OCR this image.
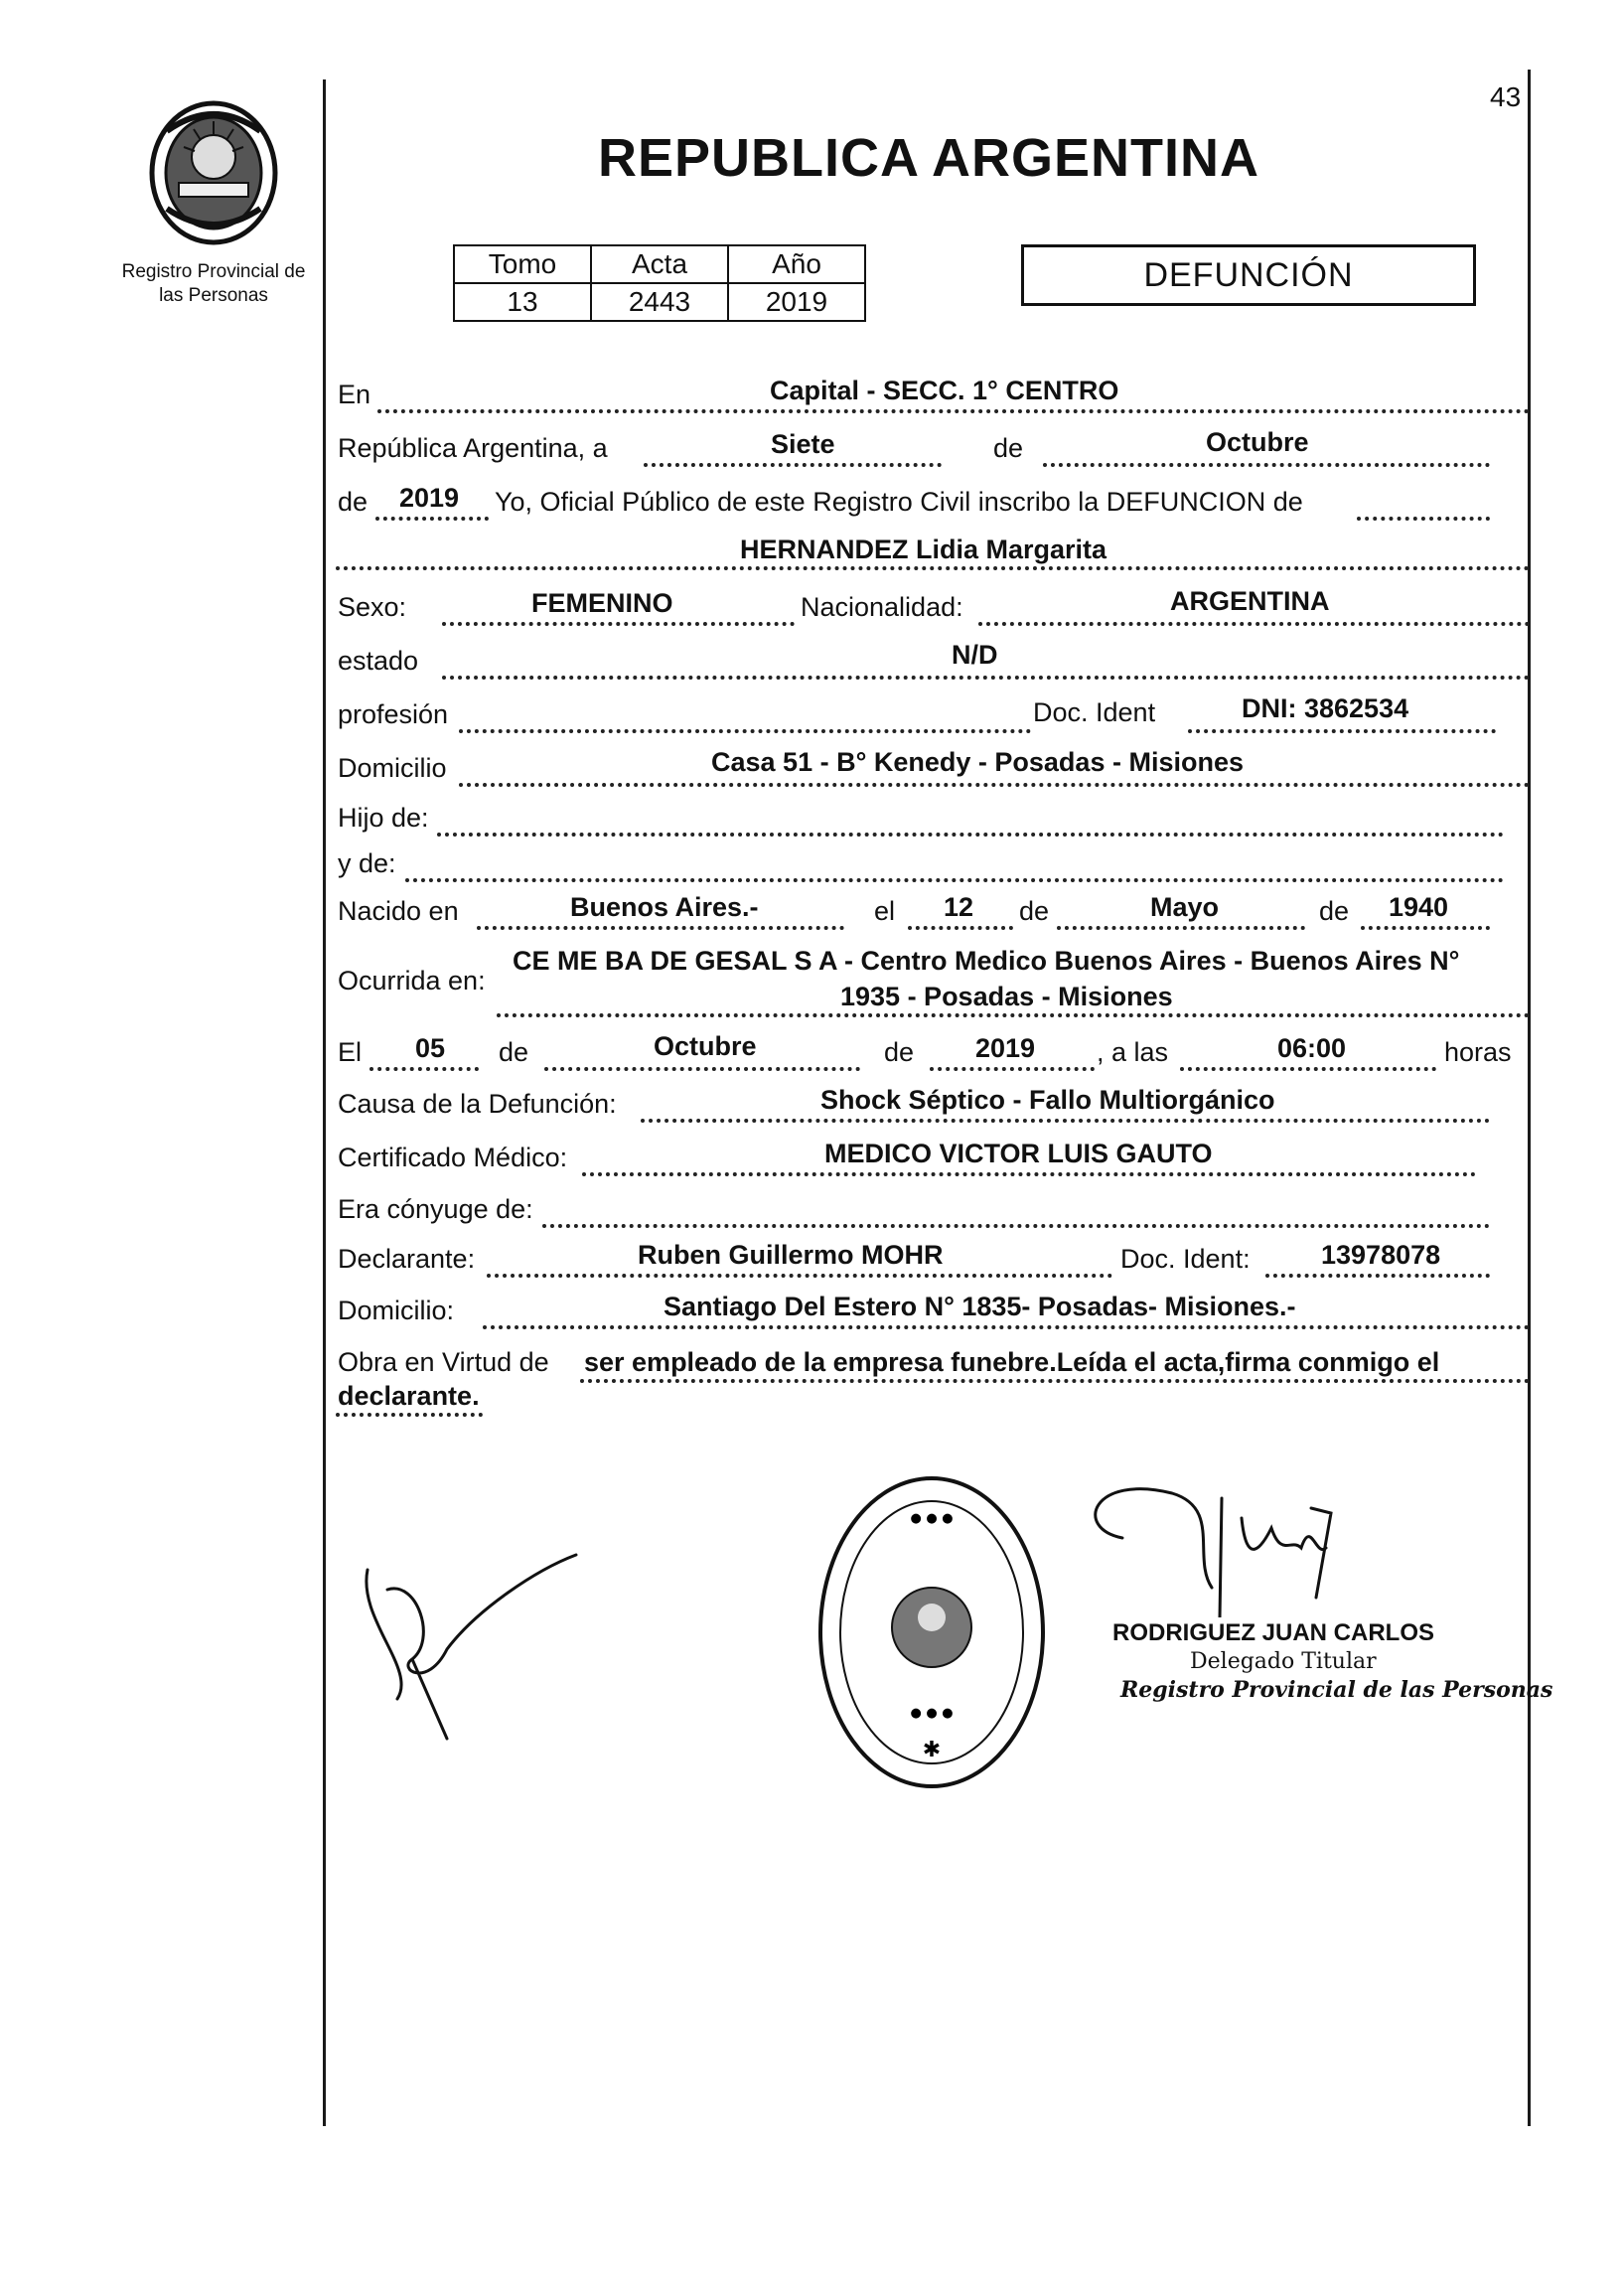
43
Registro Provincial de
las Personas
REPUBLICA ARGENTINA
Tomo	Acta	Año
13	2443	2019
DEFUNCIÓN
En	Capital - SECC. 1° CENTRO
República Argentina, a	Siete	de	Octubre
de 2019 Yo, Oficial Público de este Registro Civil inscribo la DEFUNCION de
HERNANDEZ Lidia Margarita
Sexo:	FEMENINO	Nacionalidad:	ARGENTINA
estado	N/D
profesión	Doc. Ident	DNI: 3862534
Domicilio	Casa 51 - B° Kenedy - Posadas - Misiones
Hijo de:
y de:
Nacido en	Buenos Aires.-	el 12 de	Mayo	de 1940
Ocurrida en:
CE ME BA DE GESAL S A - Centro Medico Buenos Aires - Buenos Aires N°
1935 - Posadas - Misiones
El 05 de	Octubre	de 2019 , a las	06:00	horas
Causa de la Defunción:	Shock Séptico - Fallo Multiorgánico
Certificado Médico:	MEDICO VICTOR LUIS GAUTO
Era cónyuge de:
Declarante:	Ruben Guillermo MOHR	Doc. Ident:	13978078
Domicilio:	Santiago Del Estero N° 1835- Posadas- Misiones.-
Obra en Virtud de ser empleado de la empresa funebre.Leída el acta,firma conmigo el
declarante.
✱
● ● ●
● ● ●
RODRIGUEZ JUAN CARLOS
Delegado Titular
Registro Provincial de las Personas
